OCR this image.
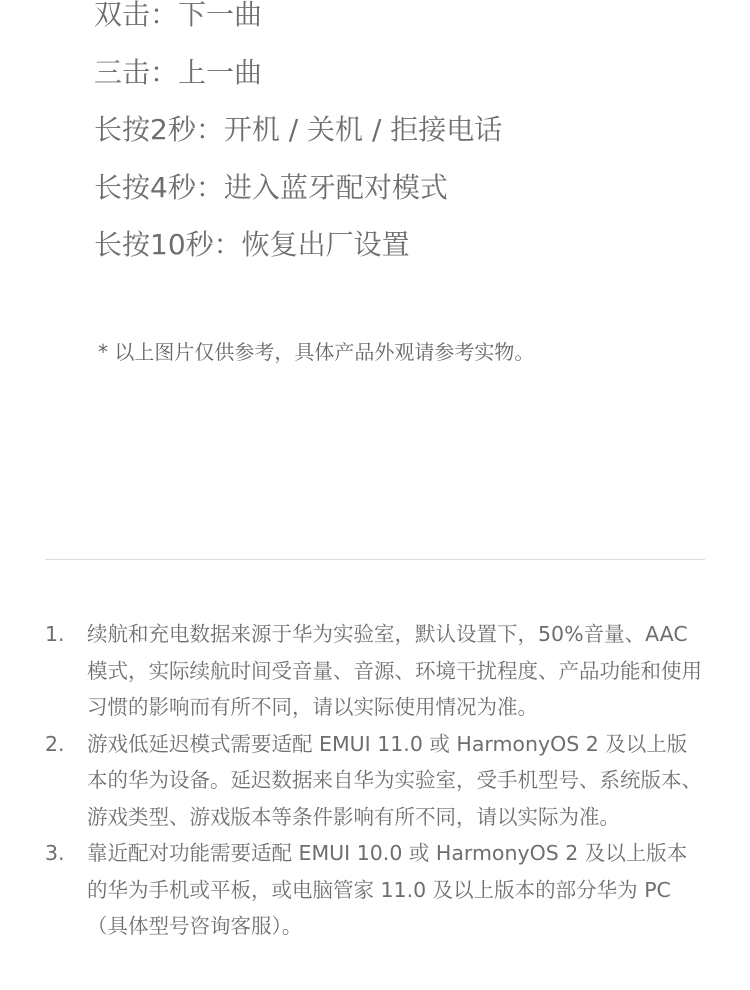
双击：下一曲
三击：上一曲
长按2秒：开机 / 关机 / 拒接电话
长按4秒：进入蓝牙配对模式
长按10秒：恢复出厂设置
* 以上图片仅供参考，具体产品外观请参考实物。
1.	续航和充电数据来源于华为实验室，默认设置下，50%音量、AAC模式，实际续航时间受音量、音源、环境干扰程度、产品功能和使用习惯的影响而有所不同，请以实际使用情况为准。
2.	游戏低延迟模式需要适配 EMUI 11.0 或 HarmonyOS 2 及以上版本的华为设备。延迟数据来自华为实验室，受手机型号、系统版本、游戏类型、游戏版本等条件影响有所不同，请以实际为准。
3.	靠近配对功能需要适配 EMUI 10.0 或 HarmonyOS 2 及以上版本的华为手机或平板，或电脑管家 11.0 及以上版本的部分华为 PC（具体型号咨询客服）。
